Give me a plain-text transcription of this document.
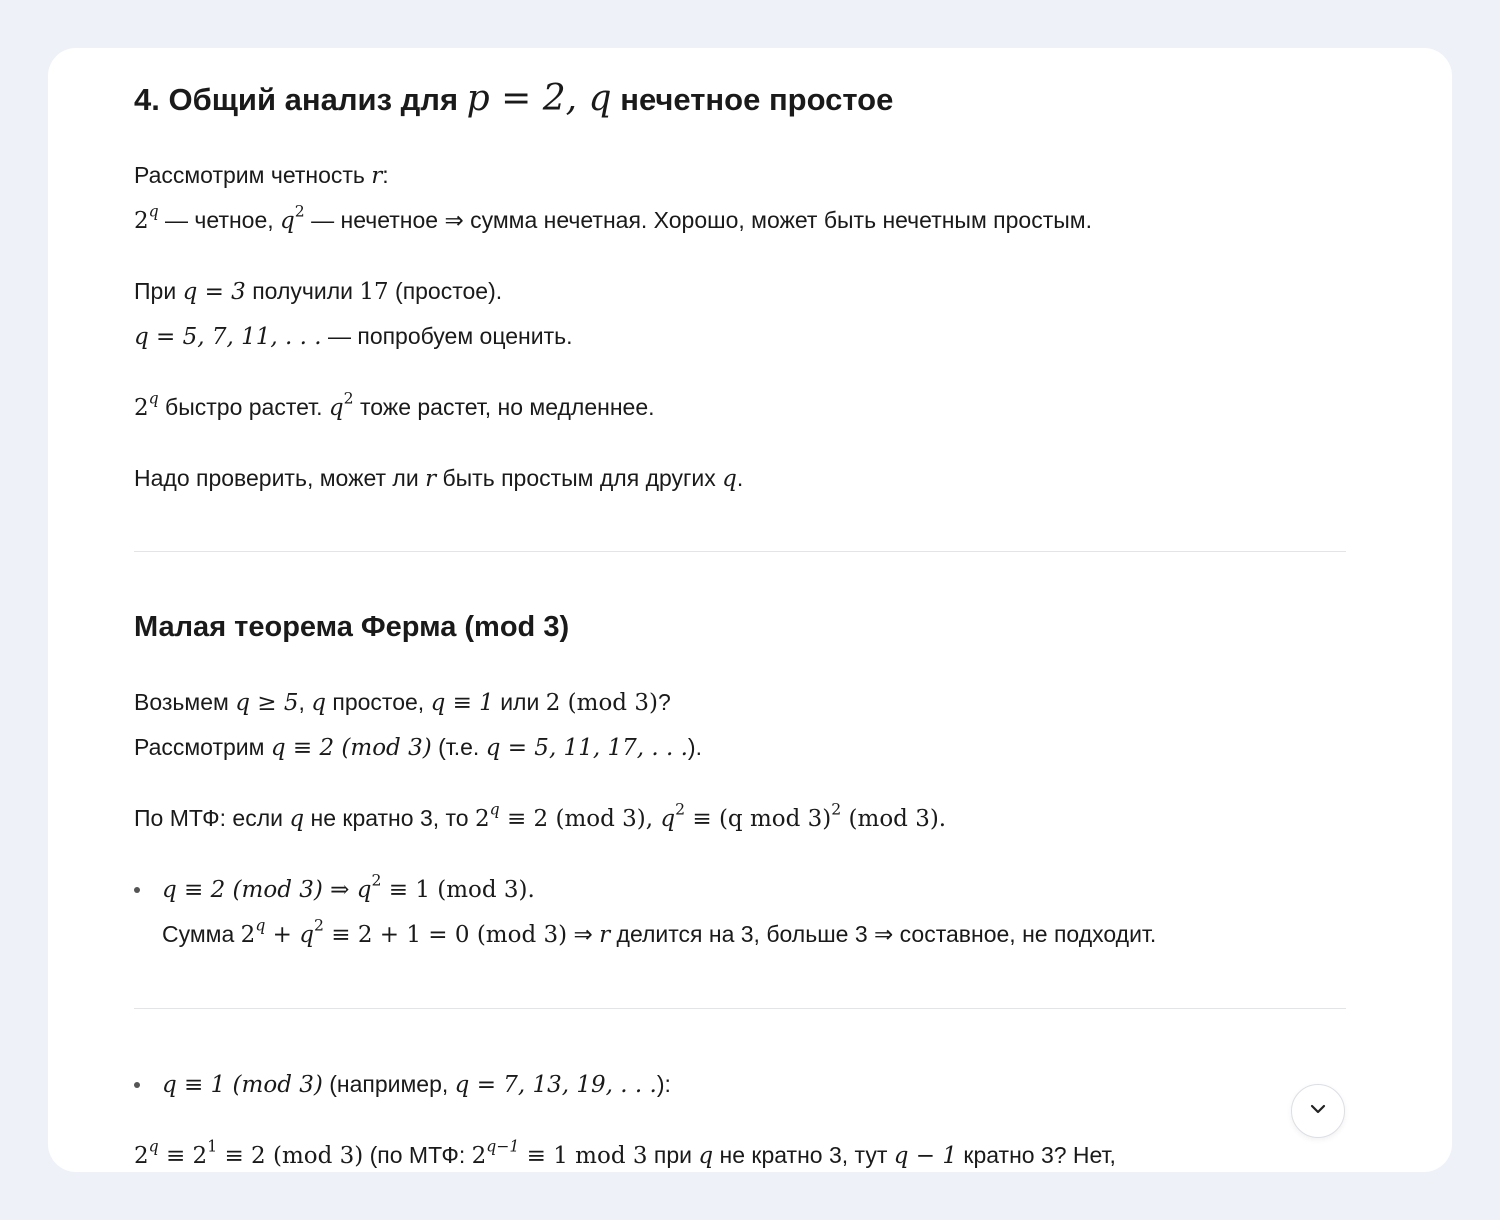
4. Общий анализ для p = 2, q нечетное простое
Рассмотрим четность r:
2$^q$ — четное, $q^2$ — нечетное ⇒ сумма нечетная. Хорошо, может быть нечетным простым.
При q = 3 получили 17 (простое).
q = 5, 7, 11, . . . — попробуем оценить.
2$^q$ быстро растет. $q^2$ тоже растет, но медленнее.
Надо проверить, может ли r быть простым для других q.
Малая теорема Ферма (mod 3)
Возьмем q ≥ 5, q простое, q ≡ 1 или 2 (mod 3)?
Рассмотрим q ≡ 2 (mod 3) (т.е. q = 5, 11, 17, . . .).
По МТФ: если q не кратно 3, то $2^q \equiv 2$ (mod 3), $q^2 \equiv (q$ mod 3)$^2$ (mod 3).
q ≡ 2 (mod 3) ⇒ $q^2 \equiv 1$ (mod 3).
Сумма $2^q + q^2 \equiv 2 + 1 = 0$ (mod 3) ⇒ r делится на 3, больше 3 ⇒ составное, не подходит.
q ≡ 1 (mod 3) (например, q = 7, 13, 19, . . .):
$2^q \equiv 2^1 \equiv 2$ (mod 3) (по МТФ: $2^{q-1} \equiv 1$ mod 3 при q не кратно 3, тут q − 1 кратно 3? Нет,
